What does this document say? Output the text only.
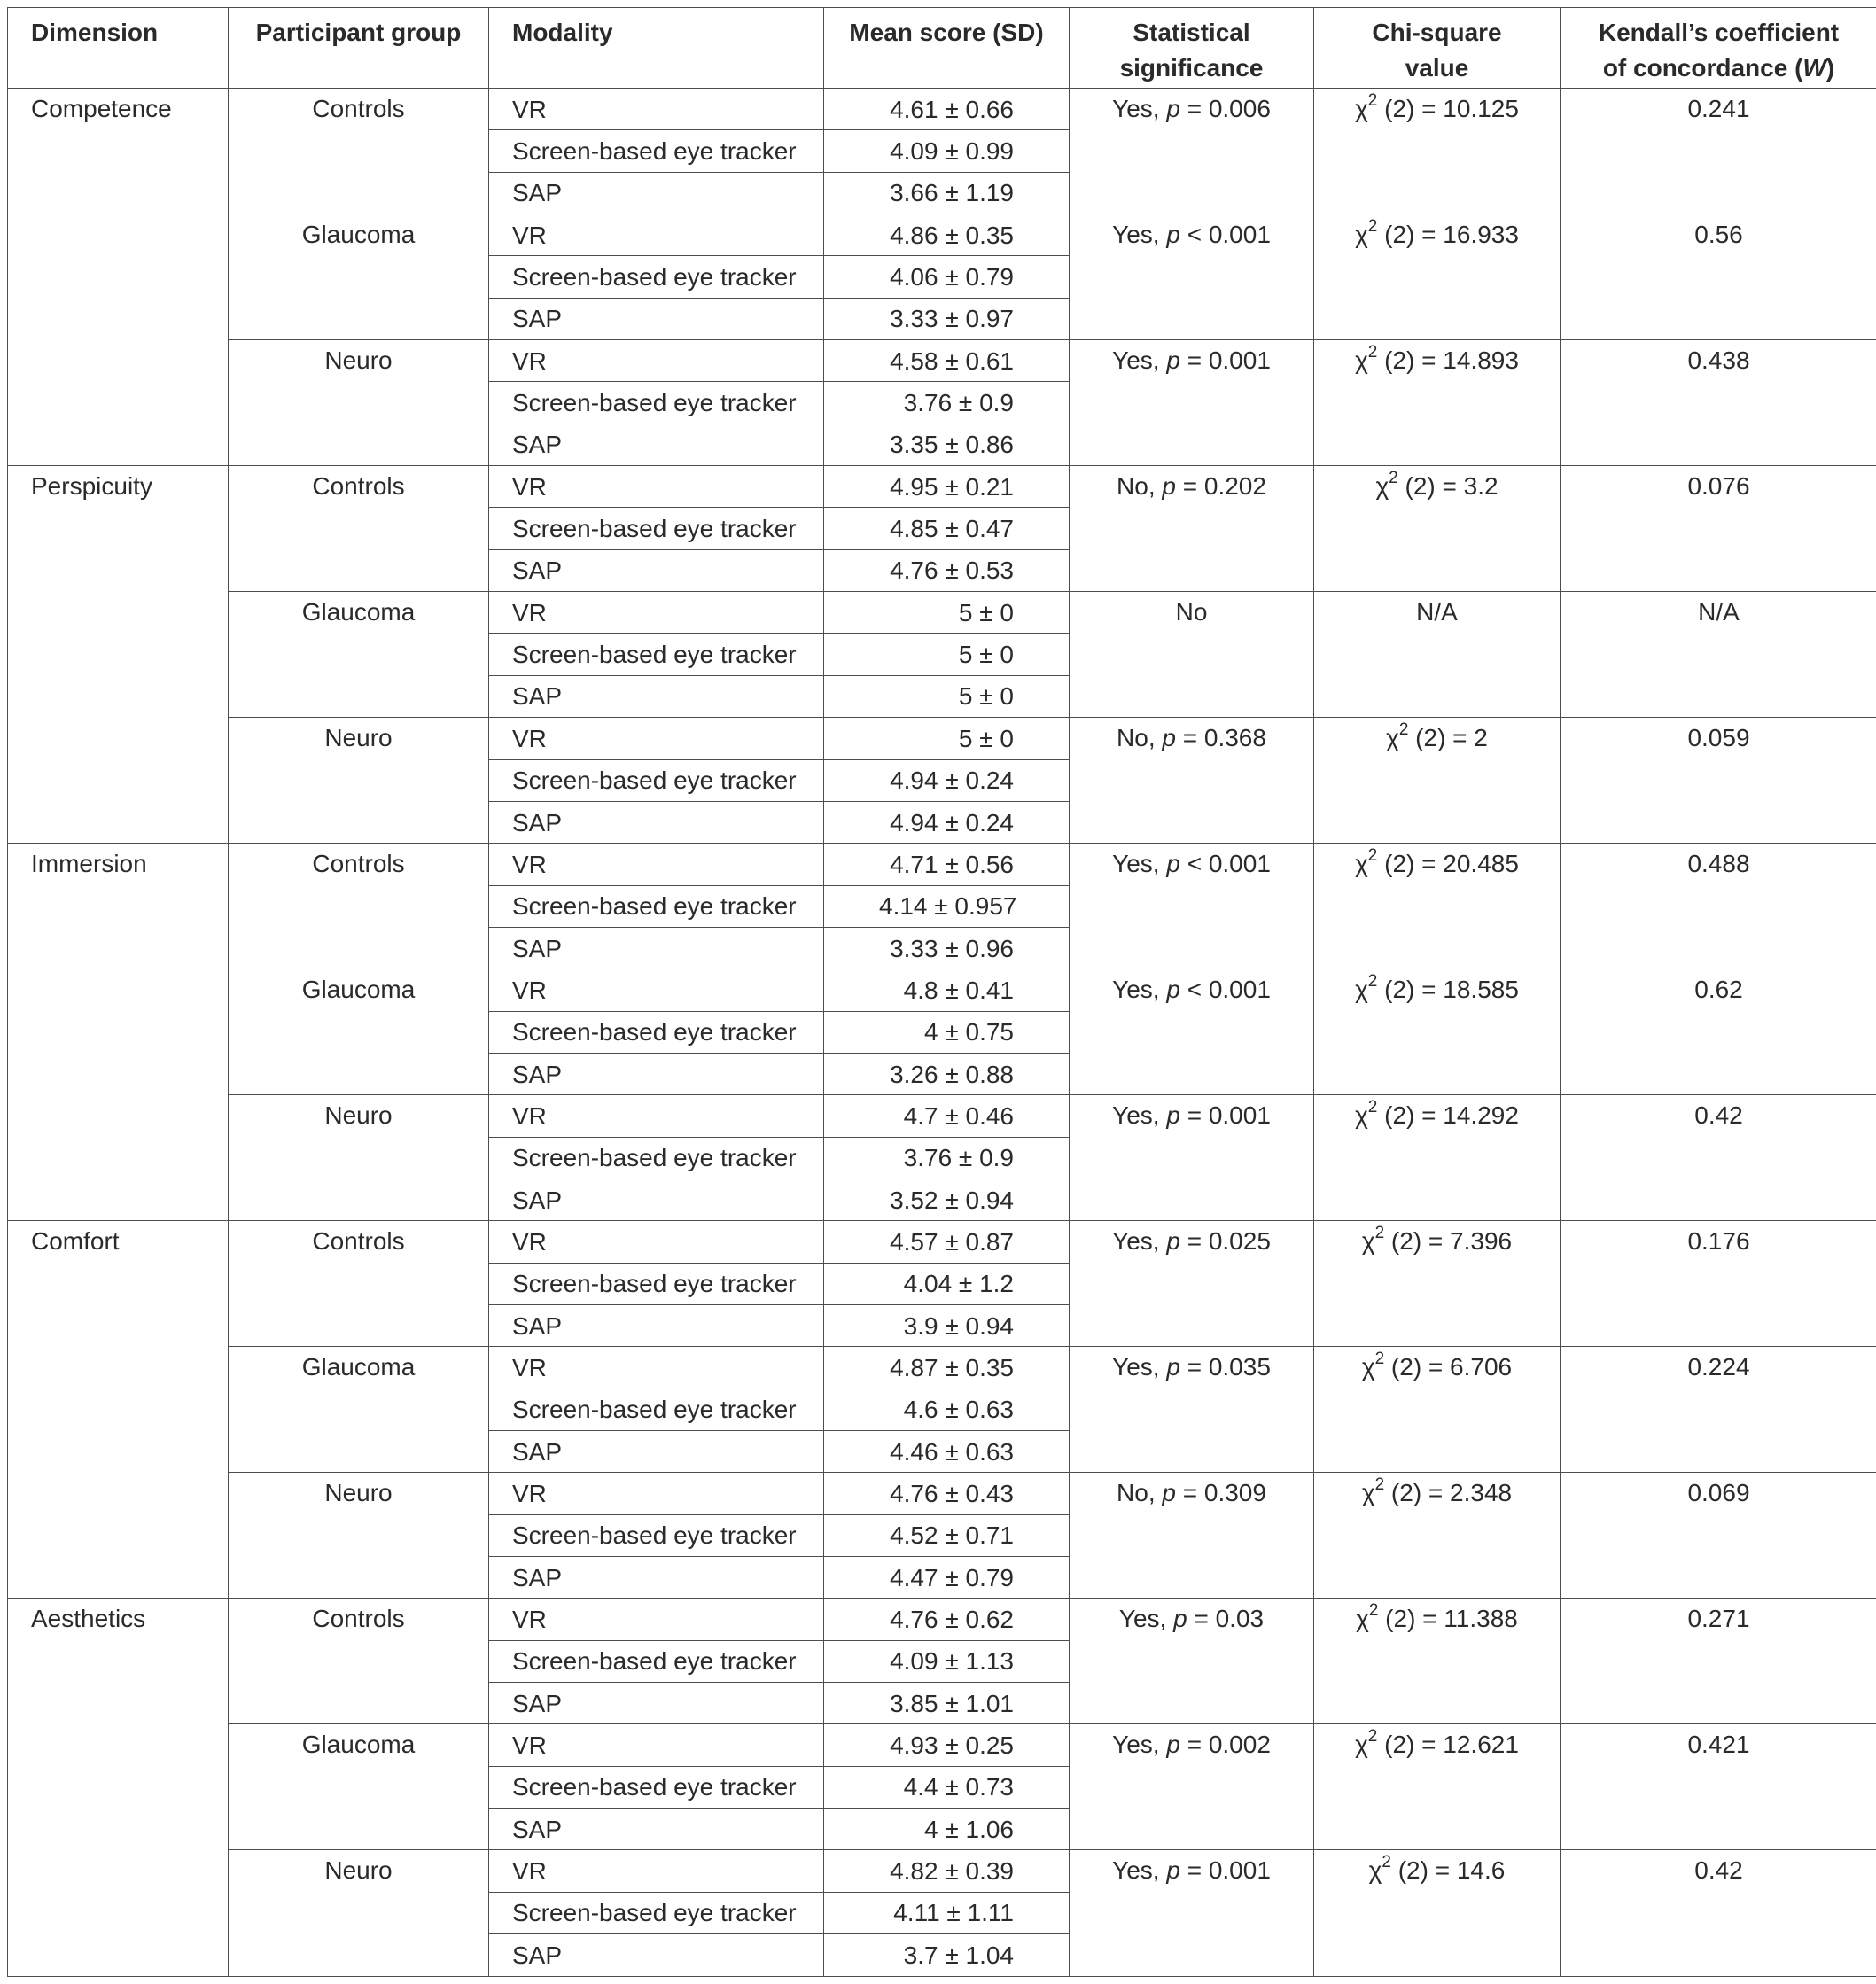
Dimension	Participant group	Modality	Mean score (SD)	Statistical significance	Chi-square value	Kendall’s coefficient of concordance (W)
Competence	Controls	VR	4.61 ± 0.66	Yes, p = 0.006	$\chi^2$ (2) = 10.125	0.241
		Screen-based eye tracker	4.09 ± 0.99			
		SAP	3.66 ± 1.19			
	Glaucoma	VR	4.86 ± 0.35	Yes, p < 0.001	$\chi^2$ (2) = 16.933	0.56
		Screen-based eye tracker	4.06 ± 0.79			
		SAP	3.33 ± 0.97			
	Neuro	VR	4.58 ± 0.61	Yes, p = 0.001	$\chi^2$ (2) = 14.893	0.438
		Screen-based eye tracker	3.76 ± 0.9			
		SAP	3.35 ± 0.86			
Perspicuity	Controls	VR	4.95 ± 0.21	No, p = 0.202	$\chi^2$ (2) = 3.2	0.076
		Screen-based eye tracker	4.85 ± 0.47			
		SAP	4.76 ± 0.53			
	Glaucoma	VR	5 ± 0	No	N/A	N/A
		Screen-based eye tracker	5 ± 0			
		SAP	5 ± 0			
	Neuro	VR	5 ± 0	No, p = 0.368	$\chi^2$ (2) = 2	0.059
		Screen-based eye tracker	4.94 ± 0.24			
		SAP	4.94 ± 0.24			
Immersion	Controls	VR	4.71 ± 0.56	Yes, p < 0.001	$\chi^2$ (2) = 20.485	0.488
		Screen-based eye tracker	4.14 ± 0.957			
		SAP	3.33 ± 0.96			
	Glaucoma	VR	4.8 ± 0.41	Yes, p < 0.001	$\chi^2$ (2) = 18.585	0.62
		Screen-based eye tracker	4 ± 0.75			
		SAP	3.26 ± 0.88			
	Neuro	VR	4.7 ± 0.46	Yes, p = 0.001	$\chi^2$ (2) = 14.292	0.42
		Screen-based eye tracker	3.76 ± 0.9			
		SAP	3.52 ± 0.94			
Comfort	Controls	VR	4.57 ± 0.87	Yes, p = 0.025	$\chi^2$ (2) = 7.396	0.176
		Screen-based eye tracker	4.04 ± 1.2			
		SAP	3.9 ± 0.94			
	Glaucoma	VR	4.87 ± 0.35	Yes, p = 0.035	$\chi^2$ (2) = 6.706	0.224
		Screen-based eye tracker	4.6 ± 0.63			
		SAP	4.46 ± 0.63			
	Neuro	VR	4.76 ± 0.43	No, p = 0.309	$\chi^2$ (2) = 2.348	0.069
		Screen-based eye tracker	4.52 ± 0.71			
		SAP	4.47 ± 0.79			
Aesthetics	Controls	VR	4.76 ± 0.62	Yes, p = 0.03	$\chi^2$ (2) = 11.388	0.271
		Screen-based eye tracker	4.09 ± 1.13			
		SAP	3.85 ± 1.01			
	Glaucoma	VR	4.93 ± 0.25	Yes, p = 0.002	$\chi^2$ (2) = 12.621	0.421
		Screen-based eye tracker	4.4 ± 0.73			
		SAP	4 ± 1.06			
	Neuro	VR	4.82 ± 0.39	Yes, p = 0.001	$\chi^2$ (2) = 14.6	0.42
		Screen-based eye tracker	4.11 ± 1.11			
		SAP	3.7 ± 1.04			
